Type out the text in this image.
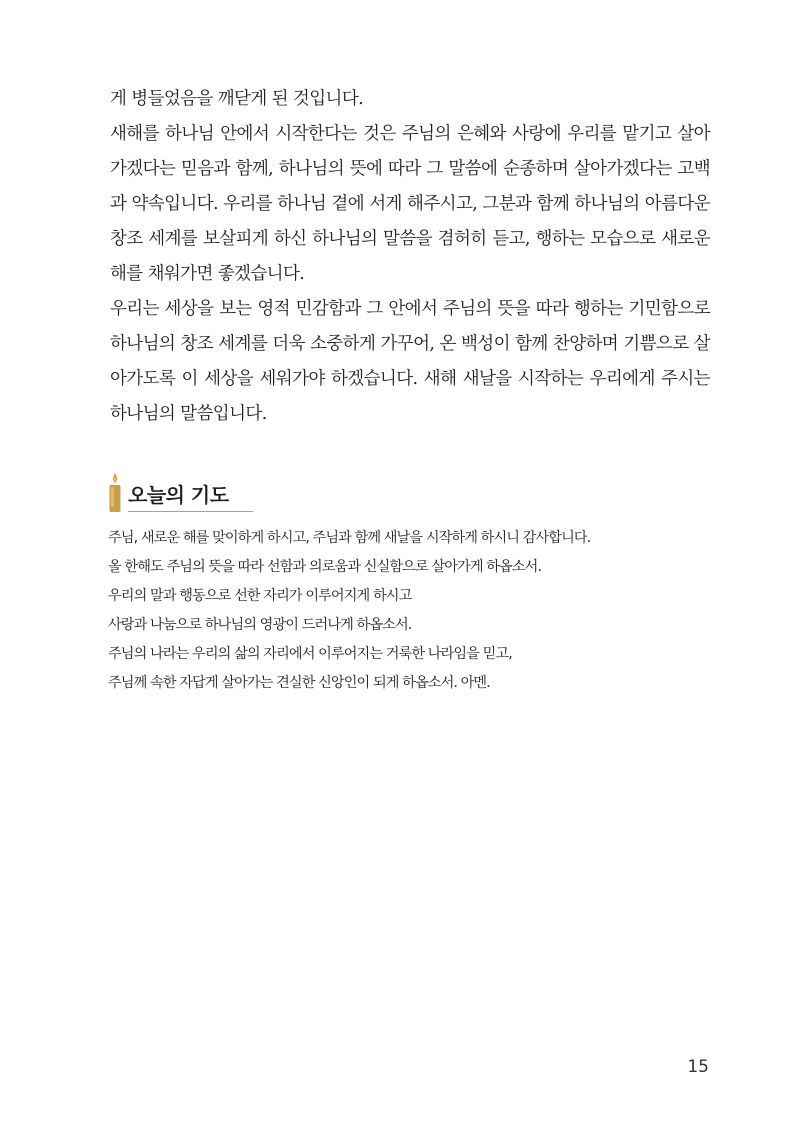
게 병들었음을 깨닫게 된 것입니다.

새해를 하나님 안에서 시작한다는 것은 주님의 은혜와 사랑에 우리를 맡기고 살아가겠다는 믿음과 함께, 하나님의 뜻에 따라 그 말씀에 순종하며 살아가겠다는 고백과 약속입니다. 우리를 하나님 곁에 서게 해주시고, 그분과 함께 하나님의 아름다운 창조 세계를 보살피게 하신 하나님의 말씀을 겸허히 듣고, 행하는 모습으로 새로운 해를 채워가면 좋겠습니다.

우리는 세상을 보는 영적 민감함과 그 안에서 주님의 뜻을 따라 행하는 기민함으로 하나님의 창조 세계를 더욱 소중하게 가꾸어, 온 백성이 함께 찬양하며 기쁨으로 살아가도록 이 세상을 세워가야 하겠습니다. 새해 새날을 시작하는 우리에게 주시는 하나님의 말씀입니다.

오늘의 기도
주님, 새로운 해를 맞이하게 하시고, 주님과 함께 새날을 시작하게 하시니 감사합니다.
올 한해도 주님의 뜻을 따라 선함과 의로움과 신실함으로 살아가게 하옵소서.
우리의 말과 행동으로 선한 자리가 이루어지게 하시고
사랑과 나눔으로 하나님의 영광이 드러나게 하옵소서.
주님의 나라는 우리의 삶의 자리에서 이루어지는 거룩한 나라임을 믿고,
주님께 속한 자답게 살아가는 견실한 신앙인이 되게 하옵소서. 아멘.
15
